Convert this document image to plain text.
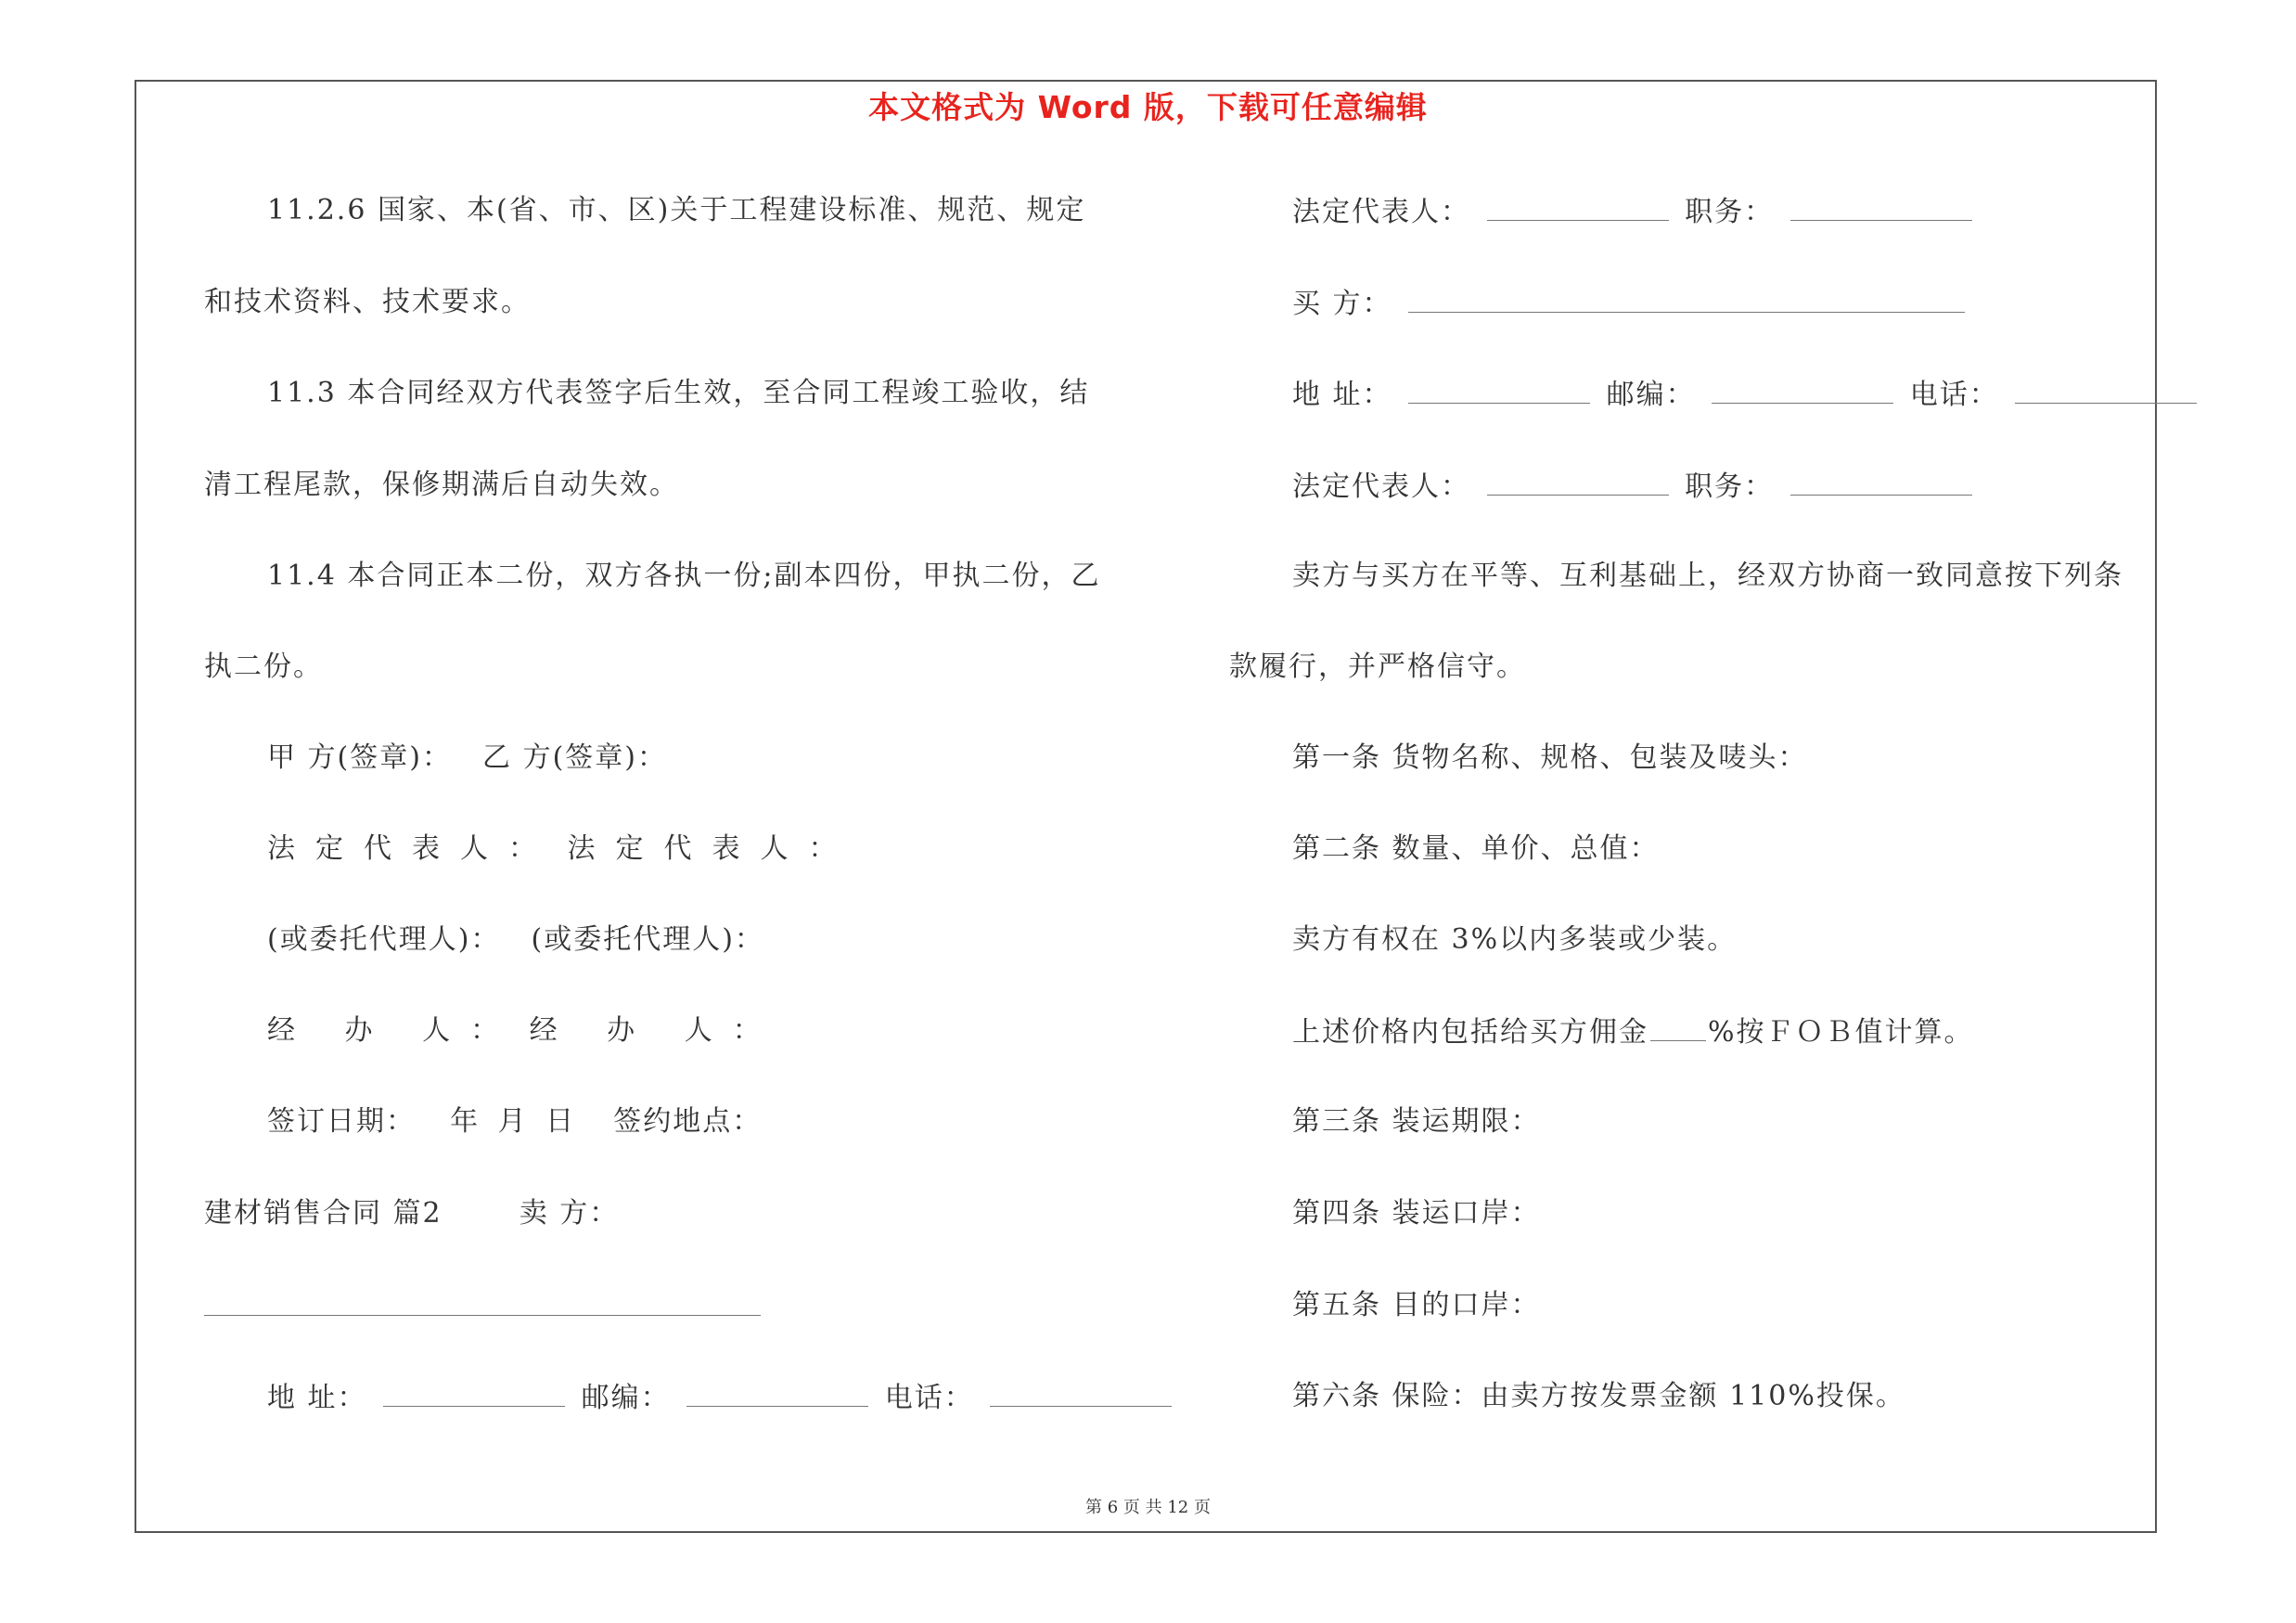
本文格式为 Word 版，下载可任意编辑
11.2.6 国家、本(省、市、区)关于工程建设标准、规范、规定
和技术资料、技术要求。
11.3 本合同经双方代表签字后生效，至合同工程竣工验收，结
清工程尾款，保修期满后自动失效。
11.4 本合同正本二份，双方各执一份;副本四份，甲执二份，乙
执二份。
甲 方(签章)： 乙 方(签章)：
法定代表人： 法定代表人：
(或委托代理人)： (或委托代理人)：
经 办 人： 经 办 人：
签订日期： 年 月 日 签约地点：
建材销售合同 篇2	卖 方：
地 址：	邮编：	电话：
法定代表人：	职务：
买 方：
地 址：	邮编：	电话：
法定代表人：	职务：
卖方与买方在平等、互利基础上，经双方协商一致同意按下列条
款履行，并严格信守。
第一条 货物名称、规格、包装及唛头：
第二条 数量、单价、总值：
卖方有权在 3%以内多装或少装。
上述价格内包括给买方佣金 %按ＦＯＢ值计算。
第三条 装运期限：
第四条 装运口岸：
第五条 目的口岸：
第六条 保险：由卖方按发票金额 110%投保。
第 6 页 共 12 页
